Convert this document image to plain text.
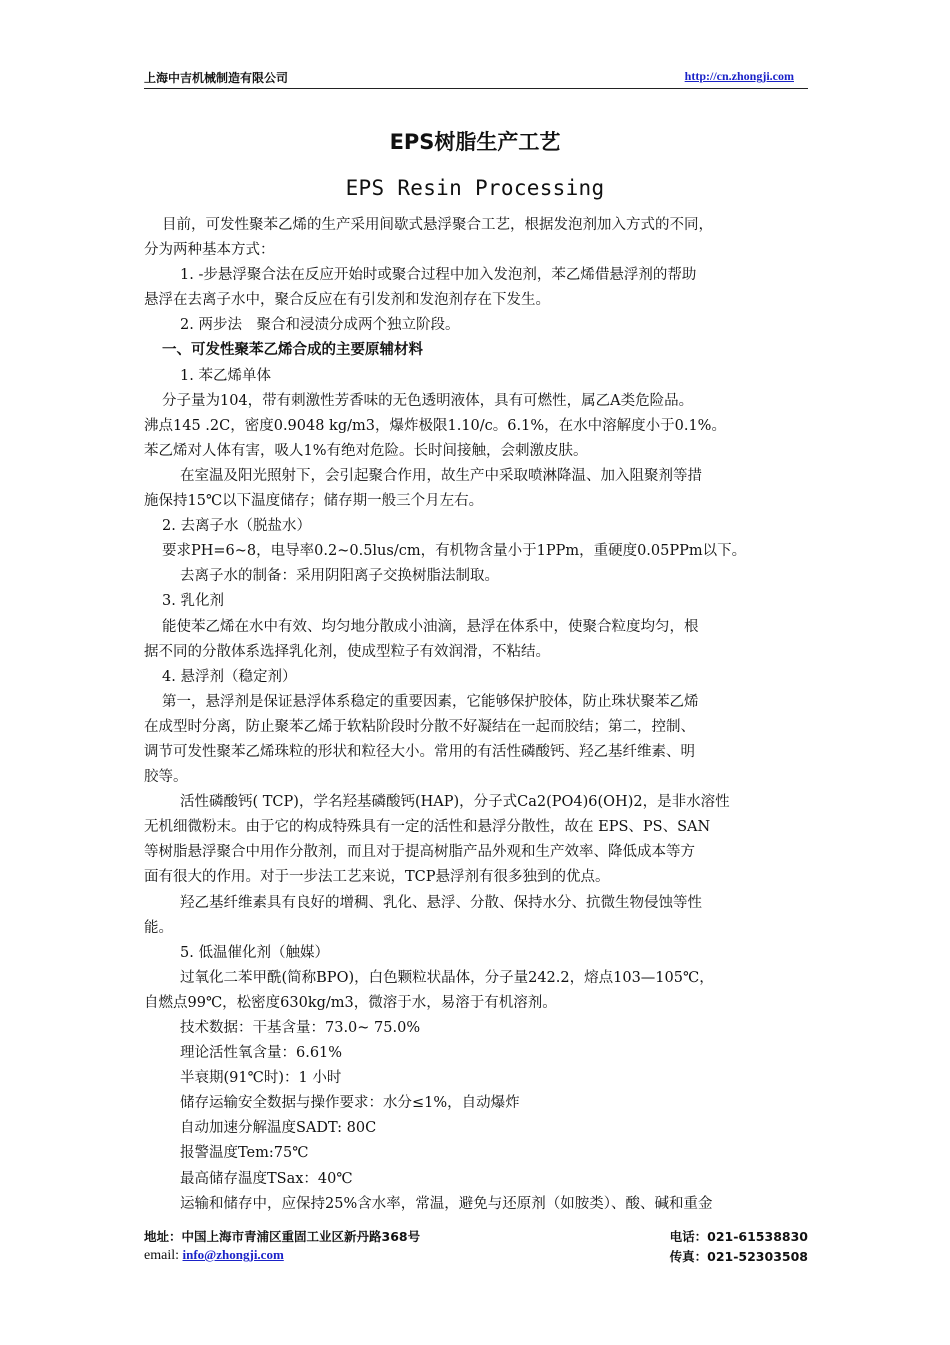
上海中吉机械制造有限公司	http://cn.zhongji.com
EPS树脂生产工艺
EPS Resin Processing
目前，可发性聚苯乙烯的生产采用间歇式悬浮聚合工艺，根据发泡剂加入方式的不同，
分为两种基本方式：
1. -步悬浮聚合法在反应开始时或聚合过程中加入发泡剂，苯乙烯借悬浮剂的帮助
悬浮在去离子水中，聚合反应在有引发剂和发泡剂存在下发生。
2. 两步法　聚合和浸渍分成两个独立阶段。
一、可发性聚苯乙烯合成的主要原辅材料
1. 苯乙烯单体
分子量为104，带有刺激性芳香味的无色透明液体，具有可燃性，属乙A类危险品。
沸点145 .2C，密度0.9048 kg/m3，爆炸极限1.10/c。6.1%，在水中溶解度小于0.1%。
苯乙烯对人体有害，吸人1%有绝对危险。长时间接触，会刺激皮肤。
在室温及阳光照射下，会引起聚合作用，故生产中采取喷淋降温、加入阻聚剂等措
施保持15℃以下温度储存；储存期一般三个月左右。
2. 去离子水（脱盐水）
要求PH=6~8，电导率0.2~0.5lus/cm，有机物含量小于1PPm，重硬度0.05PPm以下。
去离子水的制备：采用阴阳离子交换树脂法制取。
3. 乳化剂
能使苯乙烯在水中有效、均匀地分散成小油滴，悬浮在体系中，使聚合粒度均匀，根
据不同的分散体系选择乳化剂，使成型粒子有效润滑，不粘结。
4. 悬浮剂（稳定剂）
第一，悬浮剂是保证悬浮体系稳定的重要因素，它能够保护胶体，防止珠状聚苯乙烯
在成型时分离，防止聚苯乙烯于软粘阶段时分散不好凝结在一起而胶结；第二，控制、
调节可发性聚苯乙烯珠粒的形状和粒径大小。常用的有活性磷酸钙、羟乙基纤维素、明
胶等。
活性磷酸钙( TCP)，学名羟基磷酸钙(HAP)，分子式Ca2(PO4)6(OH)2，是非水溶性
无机细微粉末。由于它的构成特殊具有一定的活性和悬浮分散性，故在 EPS、PS、SAN
等树脂悬浮聚合中用作分散剂，而且对于提高树脂产品外观和生产效率、降低成本等方
面有很大的作用。对于一步法工艺来说，TCP悬浮剂有很多独到的优点。
羟乙基纤维素具有良好的增稠、乳化、悬浮、分散、保持水分、抗微生物侵蚀等性
能。
5. 低温催化剂（触媒）
过氧化二苯甲酰(简称BPO)，白色颗粒状晶体，分子量242.2，熔点103—105℃，
自燃点99℃，松密度630kg/m3，微溶于水，易溶于有机溶剂。
技术数据：干基含量：73.0~ 75.0%
理论活性氧含量：6.61%
半衰期(91℃时)：1 小时
储存运输安全数据与操作要求：水分≤1%，自动爆炸
自动加速分解温度SADT: 80C
报警温度Tem:75℃
最高储存温度TSax：40℃
运输和储存中，应保持25%含水率，常温，避免与还原剂（如胺类）、酸、碱和重金
地址：中国上海市青浦区重固工业区新丹路368号	电话：021-61538830
email: info@zhongji.com	传真：021-52303508
